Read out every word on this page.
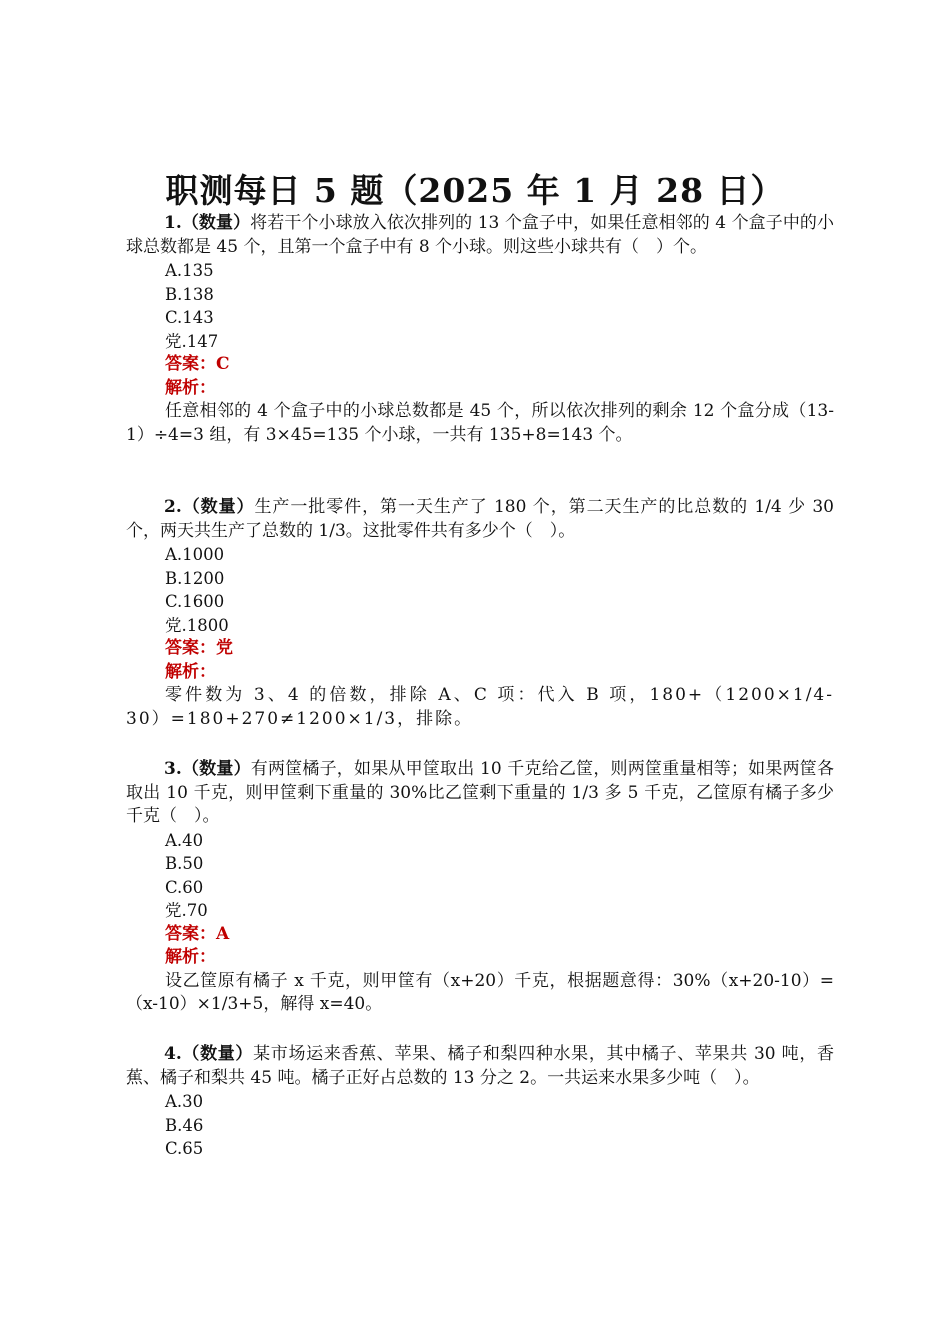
职测每日 5 题（2025 年 1 月 28 日）

1.（数量）将若干个小球放入依次排列的 13 个盒子中，如果任意相邻的 4 个盒子中的小球总数都是 45 个，且第一个盒子中有 8 个小球。则这些小球共有（　）个。

A.135

B.138

C.143

党.147

答案：C

解析：

任意相邻的 4 个盒子中的小球总数都是 45 个，所以依次排列的剩余 12 个盒分成（13-1）÷4=3 组，有 3×45=135 个小球，一共有 135+8=143 个。

2.（数量）生产一批零件，第一天生产了 180 个，第二天生产的比总数的 1/4 少 30 个，两天共生产了总数的 1/3。这批零件共有多少个（　）。

A.1000

B.1200

C.1600

党.1800

答案：党

解析：

零件数为 3、4 的倍数，排除 A、C 项：代入 B 项，180+（1200×1/4-30）=180+270≠1200×1/3，排除。

3.（数量）有两筐橘子，如果从甲筐取出 10 千克给乙筐，则两筐重量相等；如果两筐各取出 10 千克，则甲筐剩下重量的 30%比乙筐剩下重量的 1/3 多 5 千克，乙筐原有橘子多少千克（　）。

A.40

B.50

C.60

党.70

答案：A

解析：

设乙筐原有橘子 x 千克，则甲筐有（x+20）千克，根据题意得：30%（x+20-10）=（x-10）×1/3+5，解得 x=40。

4.（数量）某市场运来香蕉、苹果、橘子和梨四种水果，其中橘子、苹果共 30 吨，香蕉、橘子和梨共 45 吨。橘子正好占总数的 13 分之 2。一共运来水果多少吨（　）。

A.30

B.46

C.65
